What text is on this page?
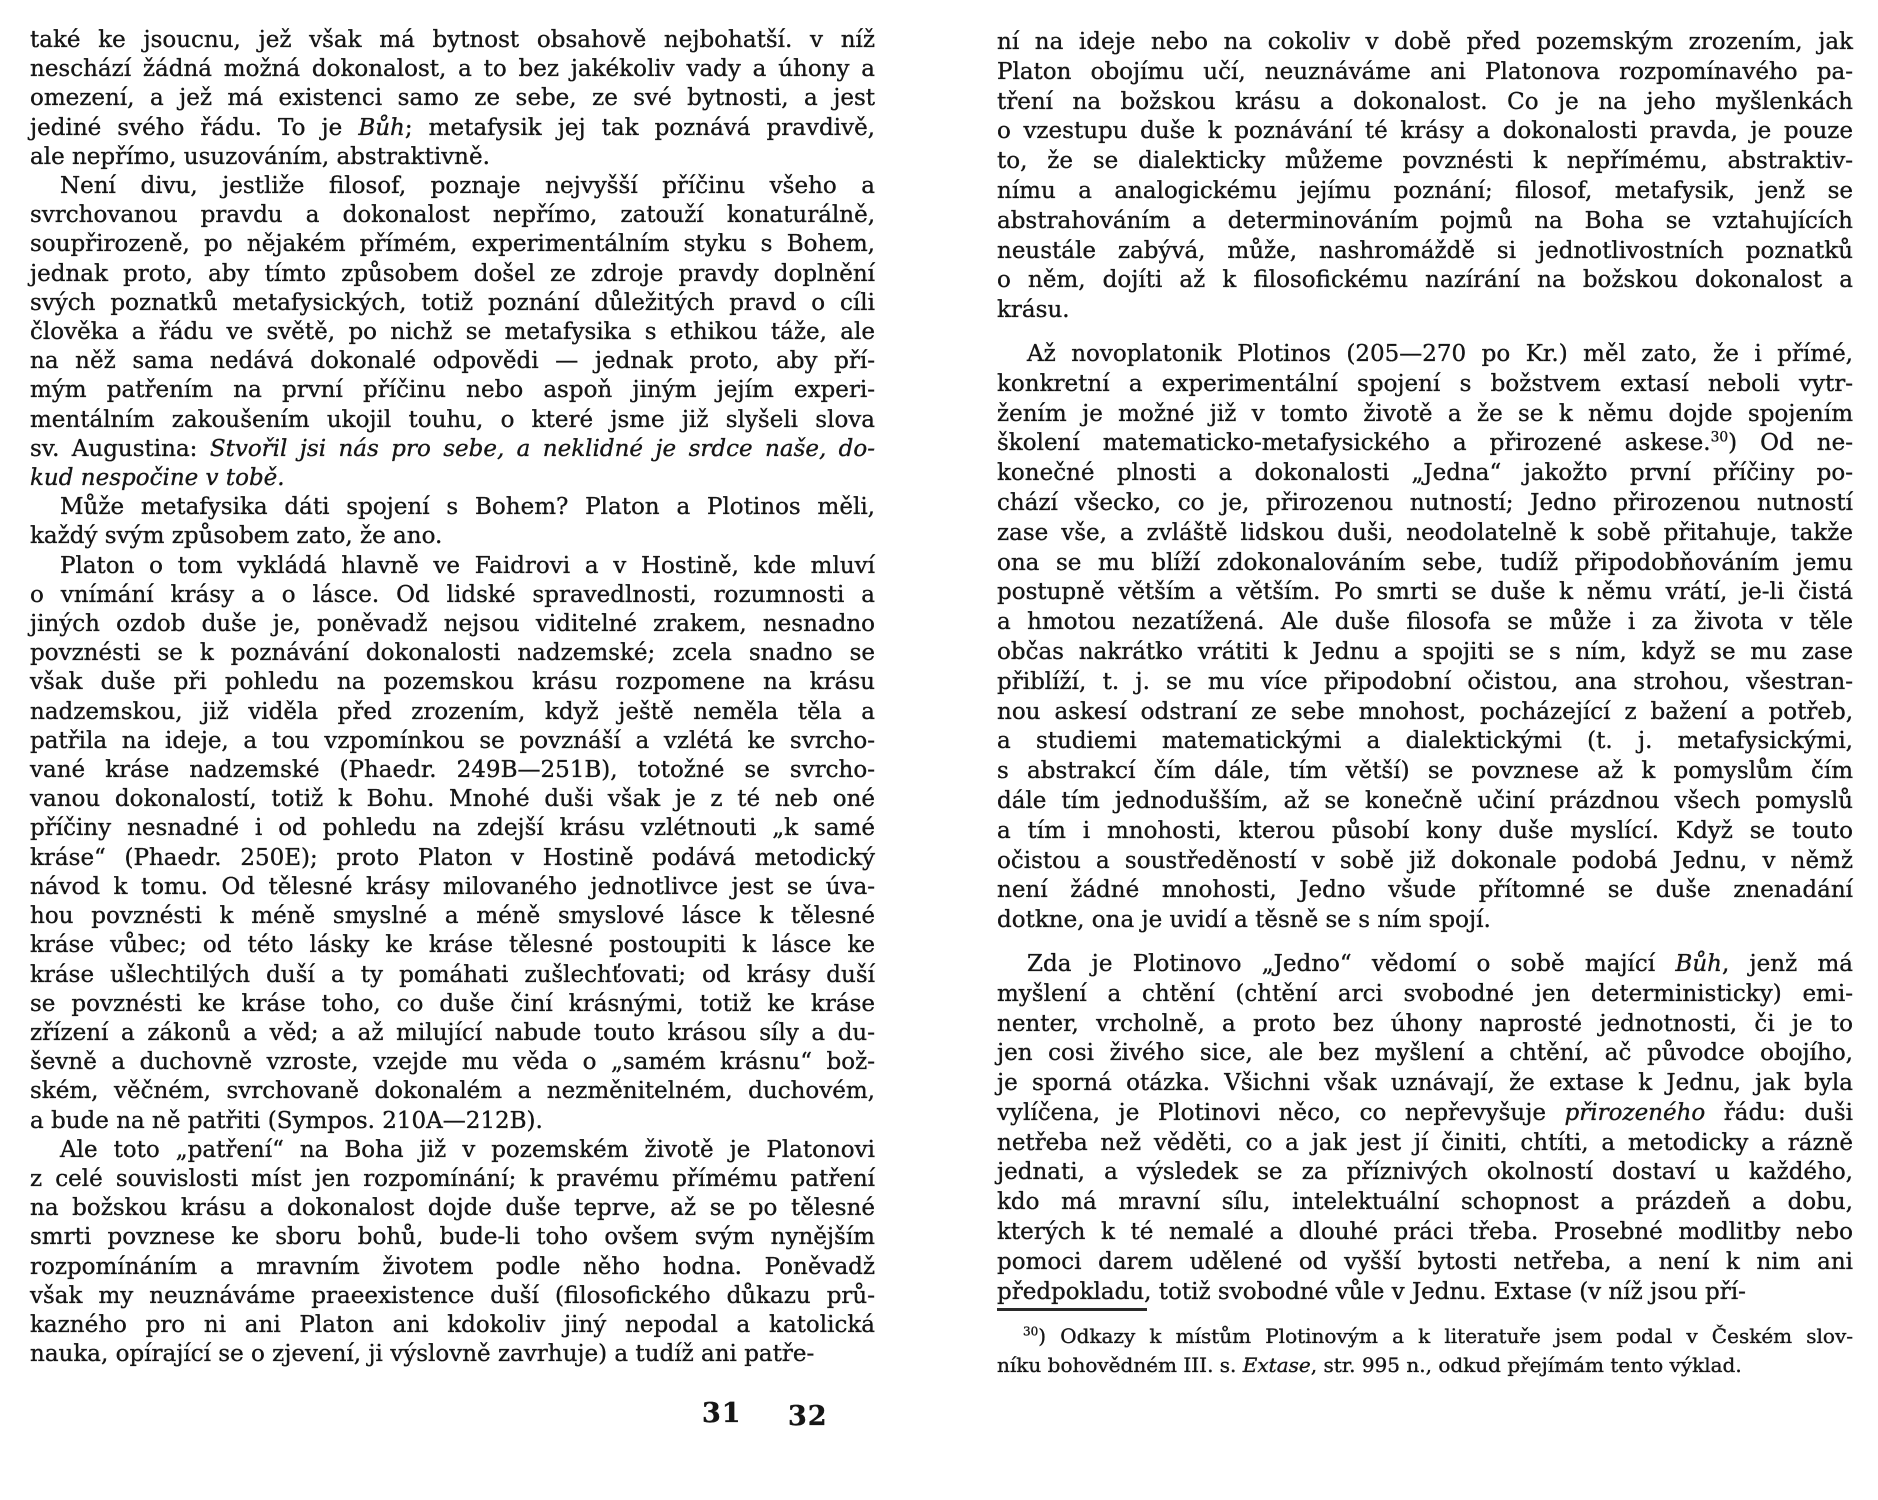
také ke jsoucnu, jež však má bytnost obsahově nejbohatší. v níž
neschází žádná možná dokonalost, a to bez jakékoliv vady a úhony a
omezení, a jež má existenci samo ze sebe, ze své bytnosti, a jest
jediné svého řádu. To je Bůh; metafysik jej tak poznává pravdivě,
ale nepřímo, usuzováním, abstraktivně.
Není divu, jestliže filosof, poznaje nejvyšší příčinu všeho a
svrchovanou pravdu a dokonalost nepřímo, zatouží konaturálně,
soupřirozeně, po nějakém přímém, experimentálním styku s Bohem,
jednak proto, aby tímto způsobem došel ze zdroje pravdy doplnění
svých poznatků metafysických, totiž poznání důležitých pravd o cíli
člověka a řádu ve světě, po nichž se metafysika s ethikou táže, ale
na něž sama nedává dokonalé odpovědi — jednak proto, aby pří-
mým patřením na první příčinu nebo aspoň jiným jejím experi-
mentálním zakoušením ukojil touhu, o které jsme již slyšeli slova
sv. Augustina: Stvořil jsi nás pro sebe, a neklidné je srdce naše, do-
kud nespočine v tobě.
Může metafysika dáti spojení s Bohem? Platon a Plotinos měli,
každý svým způsobem zato, že ano.
Platon o tom vykládá hlavně ve Faidrovi a v Hostině, kde mluví
o vnímání krásy a o lásce. Od lidské spravedlnosti, rozumnosti a
jiných ozdob duše je, poněvadž nejsou viditelné zrakem, nesnadno
povznésti se k poznávání dokonalosti nadzemské; zcela snadno se
však duše při pohledu na pozemskou krásu rozpomene na krásu
nadzemskou, již viděla před zrozením, když ještě neměla těla a
patřila na ideje, a tou vzpomínkou se povznáší a vzlétá ke svrcho-
vané kráse nadzemské (Phaedr. 249B—251B), totožné se svrcho-
vanou dokonalostí, totiž k Bohu. Mnohé duši však je z té neb oné
příčiny nesnadné i od pohledu na zdejší krásu vzlétnouti „k samé
kráse“ (Phaedr. 250E); proto Platon v Hostině podává metodický
návod k tomu. Od tělesné krásy milovaného jednotlivce jest se úva-
hou povznésti k méně smyslné a méně smyslové lásce k tělesné
kráse vůbec; od této lásky ke kráse tělesné postoupiti k lásce ke
kráse ušlechtilých duší a ty pomáhati zušlechťovati; od krásy duší
se povznésti ke kráse toho, co duše činí krásnými, totiž ke kráse
zřízení a zákonů a věd; a až milující nabude touto krásou síly a du-
ševně a duchovně vzroste, vzejde mu věda o „samém krásnu“ bož-
ském, věčném, svrchovaně dokonalém a nezměnitelném, duchovém,
a bude na ně patřiti (Sympos. 210A—212B).
Ale toto „patření“ na Boha již v pozemském životě je Platonovi
z celé souvislosti míst jen rozpomínání; k pravému přímému patření
na božskou krásu a dokonalost dojde duše teprve, až se po tělesné
smrti povznese ke sboru bohů, bude-li toho ovšem svým nynějším
rozpomínáním a mravním životem podle něho hodna. Poněvadž
však my neuznáváme praeexistence duší (filosofického důkazu prů-
kazného pro ni ani Platon ani kdokoliv jiný nepodal a katolická
nauka, opírající se o zjevení, ji výslovně zavrhuje) a tudíž ani patře-
ní na ideje nebo na cokoliv v době před pozemským zrozením, jak
Platon obojímu učí, neuznáváme ani Platonova rozpomínavého pa-
tření na božskou krásu a dokonalost. Co je na jeho myšlenkách
o vzestupu duše k poznávání té krásy a dokonalosti pravda, je pouze
to, že se dialekticky můžeme povznésti k nepřímému, abstraktiv-
nímu a analogickému jejímu poznání; filosof, metafysik, jenž se
abstrahováním a determinováním pojmů na Boha se vztahujících
neustále zabývá, může, nashromáždě si jednotlivostních poznatků
o něm, dojíti až k filosofickému nazírání na božskou dokonalost a
krásu.
Až novoplatonik Plotinos (205—270 po Kr.) měl zato, že i přímé,
konkretní a experimentální spojení s božstvem extasí neboli vytr-
žením je možné již v tomto životě a že se k němu dojde spojením
školení matematicko-metafysického a přirozené askese.$^{30}$) Od ne-
konečné plnosti a dokonalosti „Jedna“ jakožto první příčiny po-
chází všecko, co je, přirozenou nutností; Jedno přirozenou nutností
zase vše, a zvláště lidskou duši, neodolatelně k sobě přitahuje, takže
ona se mu blíží zdokonalováním sebe, tudíž připodobňováním jemu
postupně větším a větším. Po smrti se duše k němu vrátí, je-li čistá
a hmotou nezatížená. Ale duše filosofa se může i za života v těle
občas nakrátko vrátiti k Jednu a spojiti se s ním, když se mu zase
přiblíží, t. j. se mu více připodobní očistou, ana strohou, všestran-
nou askesí odstraní ze sebe mnohost, pocházející z bažení a potřeb,
a studiemi matematickými a dialektickými (t. j. metafysickými,
s abstrakcí čím dále, tím větší) se povznese až k pomyslům čím
dále tím jednodušším, až se konečně učiní prázdnou všech pomyslů
a tím i mnohosti, kterou působí kony duše myslící. Když se touto
očistou a soustředěností v sobě již dokonale podobá Jednu, v němž
není žádné mnohosti, Jedno všude přítomné se duše znenadání
dotkne, ona je uvidí a těsně se s ním spojí.
Zda je Plotinovo „Jedno“ vědomí o sobě mající Bůh, jenž má
myšlení a chtění (chtění arci svobodné jen deterministicky) emi-
nenter, vrcholně, a proto bez úhony naprosté jednotnosti, či je to
jen cosi živého sice, ale bez myšlení a chtění, ač původce obojího,
je sporná otázka. Všichni však uznávají, že extase k Jednu, jak byla
vylíčena, je Plotinovi něco, co nepřevyšuje přirozeného řádu: duši
netřeba než věděti, co a jak jest jí činiti, chtíti, a metodicky a rázně
jednati, a výsledek se za příznivých okolností dostaví u každého,
kdo má mravní sílu, intelektuální schopnost a prázdeň a dobu,
kterých k té nemalé a dlouhé práci třeba. Prosebné modlitby nebo
pomoci darem udělené od vyšší bytosti netřeba, a není k nim ani
předpokladu, totiž svobodné vůle v Jednu. Extase (v níž jsou pří-
$^{30}$) Odkazy k místům Plotinovým a k literatuře jsem podal v Českém slov-
níku bohovědném III. s. Extase, str. 995 n., odkud přejímám tento výklad.
31 32
